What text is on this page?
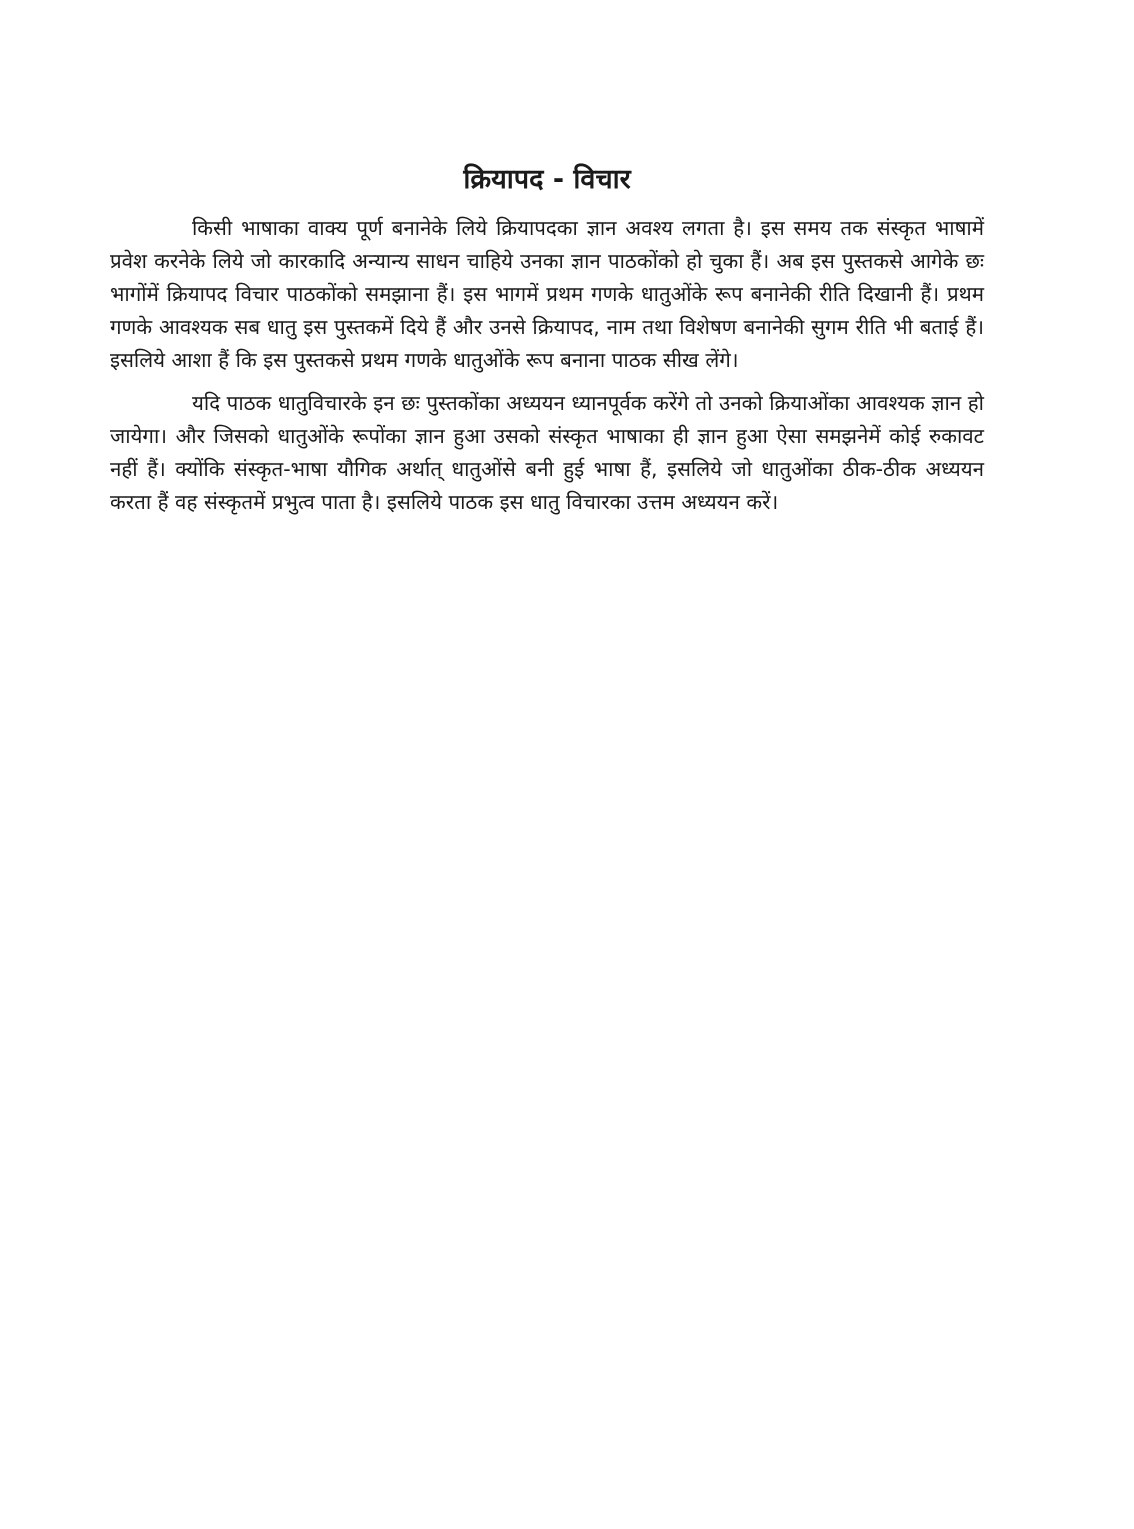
क्रियापद - विचार

किसी भाषाका वाक्य पूर्ण बनानेके लिये क्रियापदका ज्ञान अवश्य लगता है। इस समय तक संस्कृत भाषामें प्रवेश करनेके लिये जो कारकादि अन्यान्य साधन चाहिये उनका ज्ञान पाठकोंको हो चुका हैं। अब इस पुस्तकसे आगेके छः भागोंमें क्रियापद विचार पाठकोंको समझाना हैं। इस भागमें प्रथम गणके धातुओंके रूप बनानेकी रीति दिखानी हैं। प्रथम गणके आवश्यक सब धातु इस पुस्तकमें दिये हैं और उनसे क्रियापद, नाम तथा विशेषण बनानेकी सुगम रीति भी बताई हैं। इसलिये आशा हैं कि इस पुस्तकसे प्रथम गणके धातुओंके रूप बनाना पाठक सीख लेंगे।

यदि पाठक धातुविचारके इन छः पुस्तकोंका अध्ययन ध्यानपूर्वक करेंगे तो उनको क्रियाओंका आवश्यक ज्ञान हो जायेगा। और जिसको धातुओंके रूपोंका ज्ञान हुआ उसको संस्कृत भाषाका ही ज्ञान हुआ ऐसा समझनेमें कोई रुकावट नहीं हैं। क्योंकि संस्कृत-भाषा यौगिक अर्थात् धातुओंसे बनी हुई भाषा हैं, इसलिये जो धातुओंका ठीक-ठीक अध्ययन करता हैं वह संस्कृतमें प्रभुत्व पाता है। इसलिये पाठक इस धातु विचारका उत्तम अध्ययन करें।
